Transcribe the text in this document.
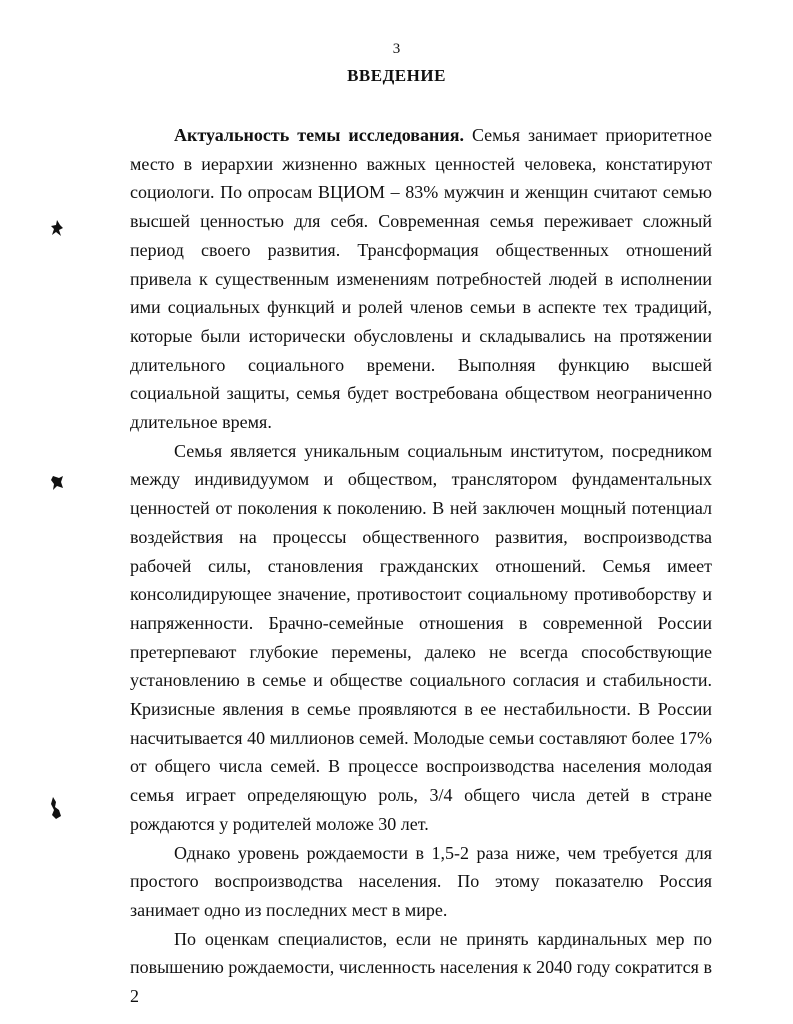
3
ВВЕДЕНИЕ

Актуальность темы исследования. Семья занимает приоритетное место в иерархии жизненно важных ценностей человека, констатируют социологи. По опросам ВЦИОМ – 83% мужчин и женщин считают семью высшей ценностью для себя. Современная семья переживает сложный период своего развития. Трансформация общественных отношений привела к существенным изменениям потребностей людей в исполнении ими социальных функций и ролей членов семьи в аспекте тех традиций, которые были исторически обусловлены и складывались на протяжении длительного социального времени. Выполняя функцию высшей социальной защиты, семья будет востребована обществом неограниченно длительное время.

Семья является уникальным социальным институтом, посредником между индивидуумом и обществом, транслятором фундаментальных ценностей от поколения к поколению. В ней заключен мощный потенциал воздействия на процессы общественного развития, воспроизводства рабочей силы, становления гражданских отношений. Семья имеет консолидирующее значение, противостоит социальному противоборству и напряженности. Брачно-семейные отношения в современной России претерпевают глубокие перемены, далеко не всегда способствующие установлению в семье и обществе социального согласия и стабильности. Кризисные явления в семье проявляются в ее нестабильности. В России насчитывается 40 миллионов семей. Молодые семьи составляют более 17% от общего числа семей. В процессе воспроизводства населения молодая семья играет определяющую роль, 3/4 общего числа детей в стране рождаются у родителей моложе 30 лет.

Однако уровень рождаемости в 1,5-2 раза ниже, чем требуется для простого воспроизводства населения. По этому показателю Россия занимает одно из последних мест в мире.

По оценкам специалистов, если не принять кардинальных мер по повышению рождаемости, численность населения к 2040 году сократится в 2
